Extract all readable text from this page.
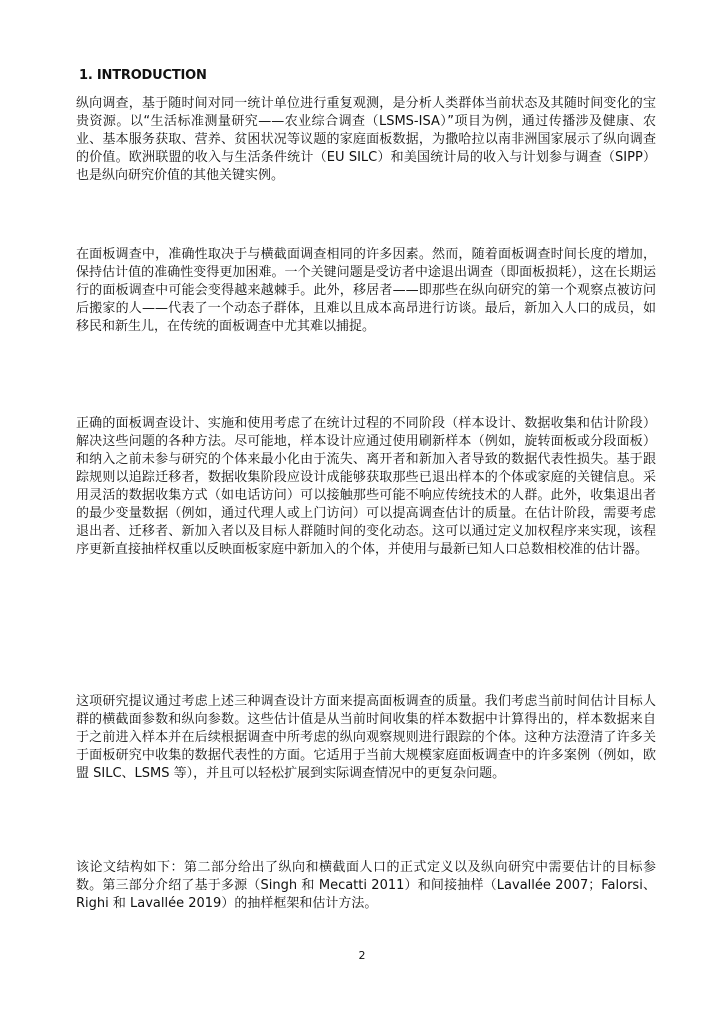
1. INTRODUCTION

纵向调查，基于随时间对同一统计单位进行重复观测，是分析人类群体当前状态及其随时间变化的宝贵资源。以“生活标准测量研究——农业综合调查（LSMS-ISA）”项目为例，通过传播涉及健康、农业、基本服务获取、营养、贫困状况等议题的家庭面板数据，为撒哈拉以南非洲国家展示了纵向调查的价值。欧洲联盟的收入与生活条件统计（EU SILC）和美国统计局的收入与计划参与调查（SIPP）也是纵向研究价值的其他关键实例。

在面板调查中，准确性取决于与横截面调查相同的许多因素。然而，随着面板调查时间长度的增加，保持估计值的准确性变得更加困难。一个关键问题是受访者中途退出调查（即面板损耗），这在长期运行的面板调查中可能会变得越来越棘手。此外，移居者——即那些在纵向研究的第一个观察点被访问后搬家的人——代表了一个动态子群体，且难以且成本高昂进行访谈。最后，新加入人口的成员，如移民和新生儿，在传统的面板调查中尤其难以捕捉。

正确的面板调查设计、实施和使用考虑了在统计过程的不同阶段（样本设计、数据收集和估计阶段）解决这些问题的各种方法。尽可能地，样本设计应通过使用刷新样本（例如，旋转面板或分段面板）和纳入之前未参与研究的个体来最小化由于流失、离开者和新加入者导致的数据代表性损失。基于跟踪规则以追踪迁移者，数据收集阶段应设计成能够获取那些已退出样本的个体或家庭的关键信息。采用灵活的数据收集方式（如电话访问）可以接触那些可能不响应传统技术的人群。此外，收集退出者的最少变量数据（例如，通过代理人或上门访问）可以提高调查估计的质量。在估计阶段，需要考虑退出者、迁移者、新加入者以及目标人群随时间的变化动态。这可以通过定义加权程序来实现，该程序更新直接抽样权重以反映面板家庭中新加入的个体，并使用与最新已知人口总数相校准的估计器。

这项研究提议通过考虑上述三种调查设计方面来提高面板调查的质量。我们考虑当前时间估计目标人群的横截面参数和纵向参数。这些估计值是从当前时间收集的样本数据中计算得出的，样本数据来自于之前进入样本并在后续根据调查中所考虑的纵向观察规则进行跟踪的个体。这种方法澄清了许多关于面板研究中收集的数据代表性的方面。它适用于当前大规模家庭面板调查中的许多案例（例如，欧盟 SILC、LSMS 等），并且可以轻松扩展到实际调查情况中的更复杂问题。

该论文结构如下：第二部分给出了纵向和横截面人口的正式定义以及纵向研究中需要估计的目标参数。第三部分介绍了基于多源（Singh 和 Mecatti 2011）和间接抽样（Lavallée 2007；Falorsi、Righi 和 Lavallée 2019）的抽样框架和估计方法。

2
